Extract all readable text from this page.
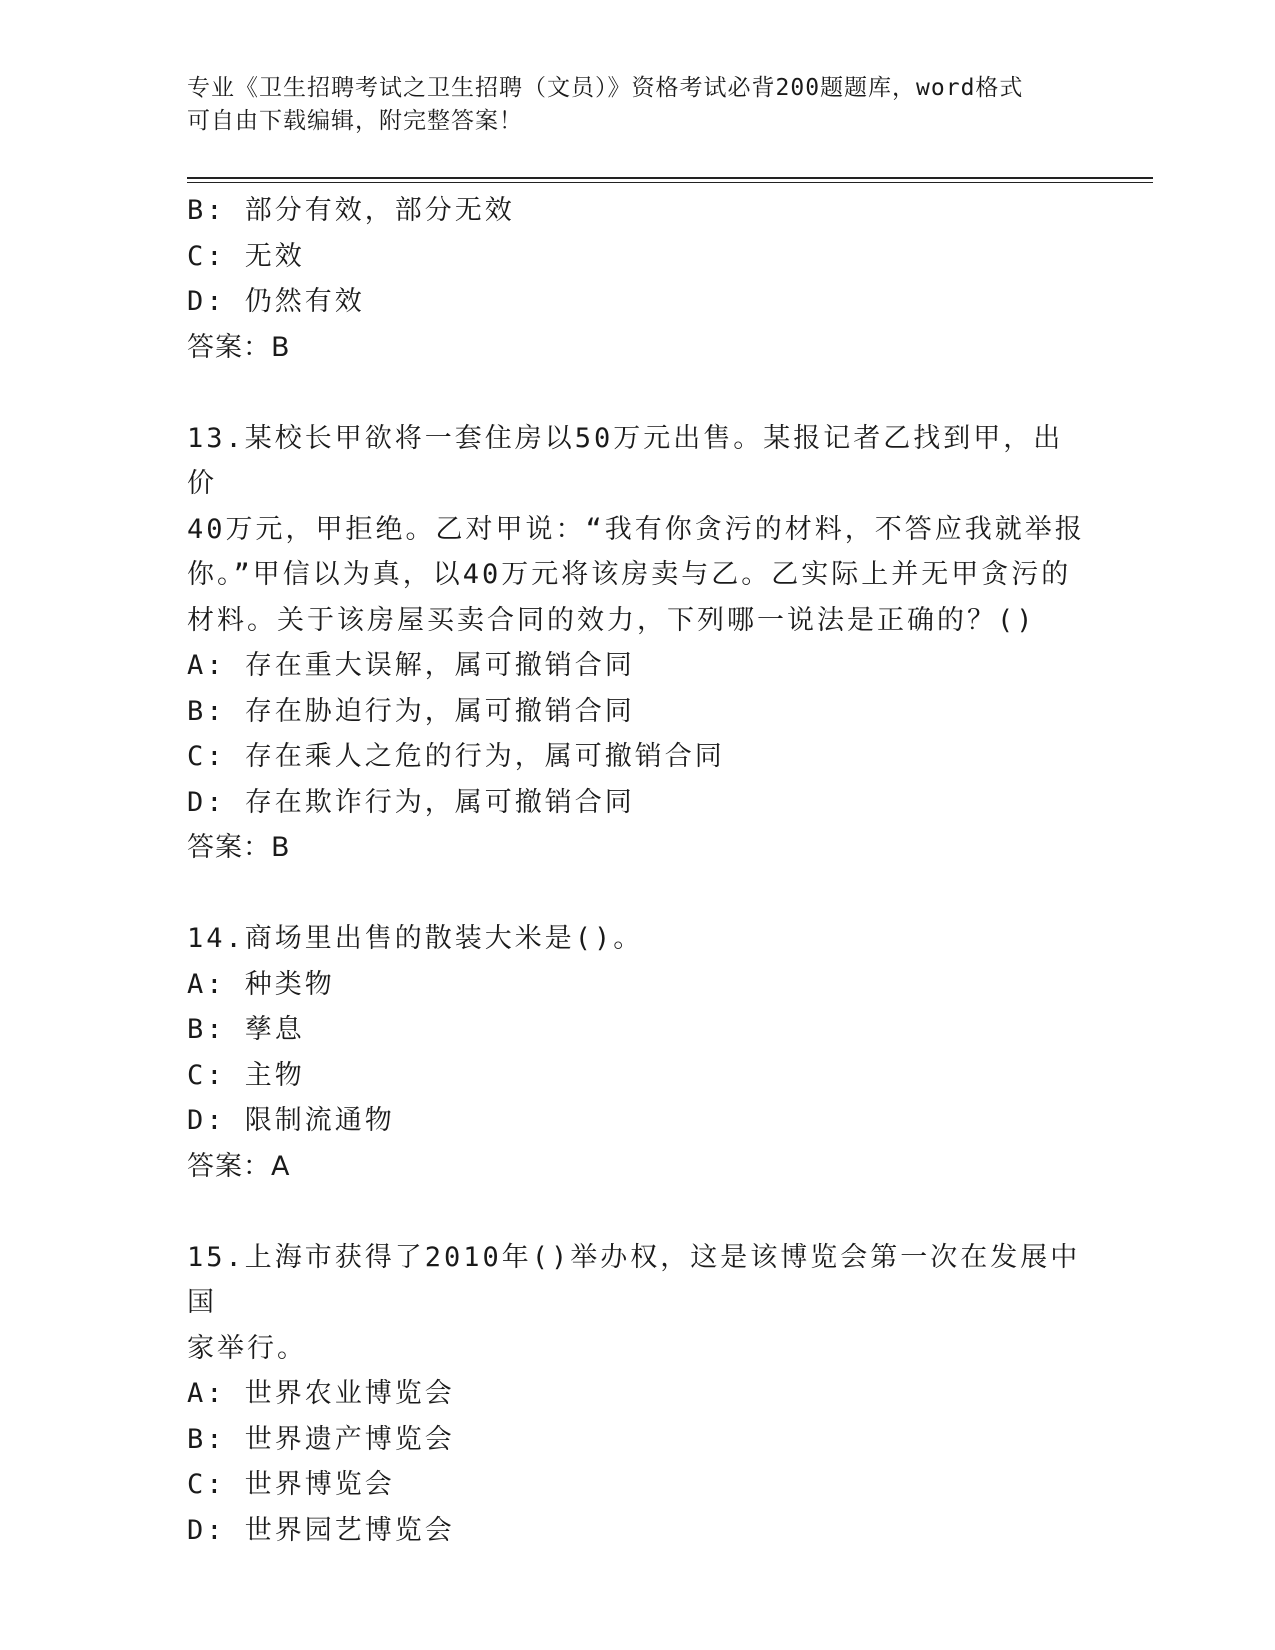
专业《卫生招聘考试之卫生招聘（文员）》资格考试必背200题题库，word格式
可自由下载编辑，附完整答案！
B: 部分有效，部分无效
C: 无效
D: 仍然有效
答案：B
13.某校长甲欲将一套住房以50万元出售。某报记者乙找到甲，出价
40万元，甲拒绝。乙对甲说：“我有你贪污的材料，不答应我就举报
你。”甲信以为真，以40万元将该房卖与乙。乙实际上并无甲贪污的
材料。关于该房屋买卖合同的效力，下列哪一说法是正确的？()
A: 存在重大误解，属可撤销合同
B: 存在胁迫行为，属可撤销合同
C: 存在乘人之危的行为，属可撤销合同
D: 存在欺诈行为，属可撤销合同
答案：B
14.商场里出售的散装大米是()。
A: 种类物
B: 孳息
C: 主物
D: 限制流通物
答案：A
15.上海市获得了2010年()举办权，这是该博览会第一次在发展中国
家举行。
A: 世界农业博览会
B: 世界遗产博览会
C: 世界博览会
D: 世界园艺博览会
